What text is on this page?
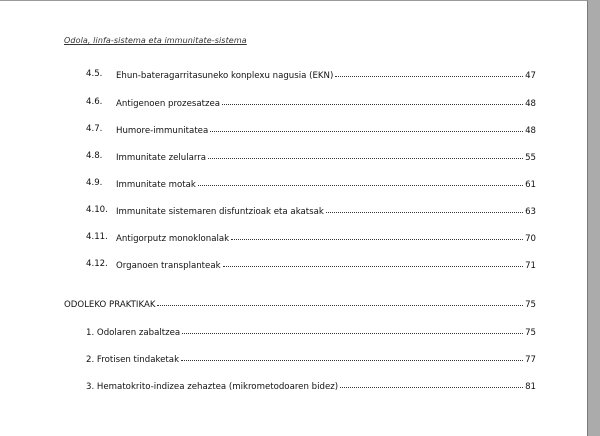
Odola, linfa-sistema eta immunitate-sistema
4.5. Ehun-bateragarritasuneko konplexu nagusia (EKN)	47
4.6. Antigenoen prozesatzea	48
4.7. Humore-immunitatea	48
4.8. Immunitate zelularra	55
4.9. Immunitate motak	61
4.10. Immunitate sistemaren disfuntzioak eta akatsak	63
4.11. Antigorputz monoklonalak	70
4.12. Organoen transplanteak	71
ODOLEKO PRAKTIKAK	75
1. Odolaren zabaltzea	75
2. Frotisen tindaketak	77
3. Hematokrito-indizea zehaztea (mikrometodoaren bidez)	81
